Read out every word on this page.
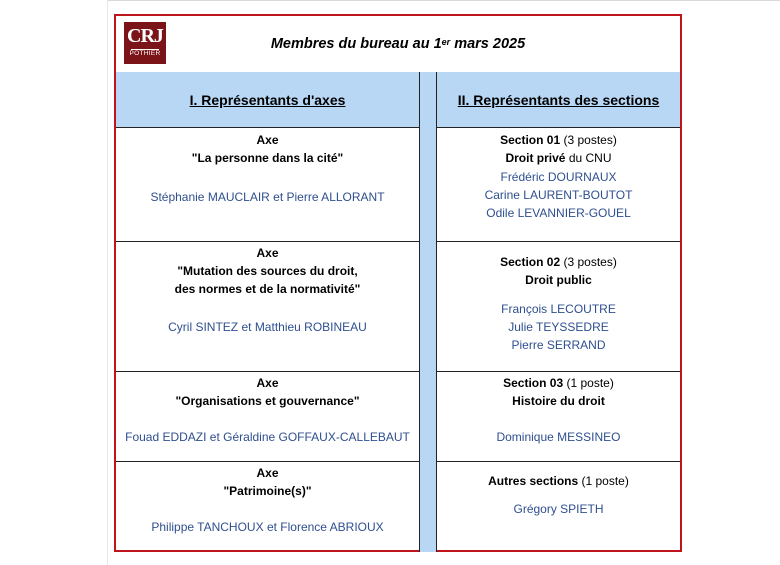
CRJ
POTHIER
Membres du bureau au 1er mars 2025
I. Représentants d'axes	II. Représentants des sections
Axe
"La personne dans la cité"
Stéphanie MAUCLAIR et Pierre ALLORANT
Section 01 (3 postes)
Droit privé du CNU
Frédéric DOURNAUX
Carine LAURENT-BOUTOT
Odile LEVANNIER-GOUEL
Axe
"Mutation des sources du droit,
des normes et de la normativité"
Cyril SINTEZ et Matthieu ROBINEAU
Section 02 (3 postes)
Droit public
François LECOUTRE
Julie TEYSSEDRE
Pierre SERRAND
Axe
"Organisations et gouvernance"
Fouad EDDAZI et Géraldine GOFFAUX-CALLEBAUT
Section 03 (1 poste)
Histoire du droit
Dominique MESSINEO
Axe
"Patrimoine(s)"
Philippe TANCHOUX et Florence ABRIOUX
Autres sections (1 poste)
Grégory SPIETH
